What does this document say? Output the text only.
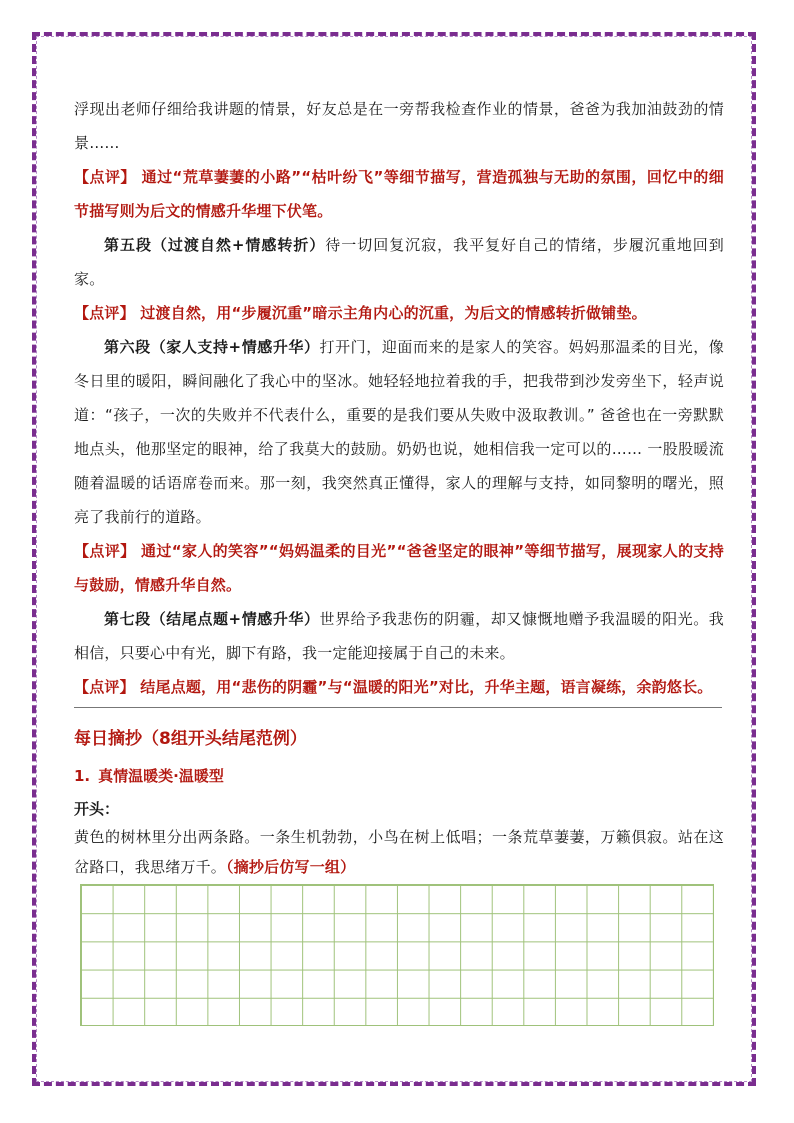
浮现出老师仔细给我讲题的情景，好友总是在一旁帮我检查作业的情景，爸爸为我加油鼓劲的情景……

【点评】 通过“荒草萋萋的小路”“枯叶纷飞”等细节描写，营造孤独与无助的氛围，回忆中的细节描写则为后文的情感升华埋下伏笔。

第五段（过渡自然+情感转折）待一切回复沉寂，我平复好自己的情绪，步履沉重地回到家。

【点评】 过渡自然，用“步履沉重”暗示主角内心的沉重，为后文的情感转折做铺垫。

第六段（家人支持+情感升华）打开门，迎面而来的是家人的笑容。妈妈那温柔的目光，像冬日里的暖阳，瞬间融化了我心中的坚冰。她轻轻地拉着我的手，把我带到沙发旁坐下，轻声说道：“孩子，一次的失败并不代表什么，重要的是我们要从失败中汲取教训。” 爸爸也在一旁默默地点头，他那坚定的眼神，给了我莫大的鼓励。奶奶也说，她相信我一定可以的…… 一股股暖流随着温暖的话语席卷而来。那一刻，我突然真正懂得，家人的理解与支持，如同黎明的曙光，照亮了我前行的道路。

【点评】 通过“家人的笑容”“妈妈温柔的目光”“爸爸坚定的眼神”等细节描写，展现家人的支持与鼓励，情感升华自然。

第七段（结尾点题+情感升华）世界给予我悲伤的阴霾，却又慷慨地赠予我温暖的阳光。我相信，只要心中有光，脚下有路，我一定能迎接属于自己的未来。

【点评】 结尾点题，用“悲伤的阴霾”与“温暖的阳光”对比，升华主题，语言凝练，余韵悠长。

每日摘抄（8组开头结尾范例）
1. 真情温暖类·温暖型
开头：

黄色的树林里分出两条路。一条生机勃勃，小鸟在树上低唱；一条荒草萋萋，万籁俱寂。站在这岔路口，我思绪万千。（摘抄后仿写一组）
